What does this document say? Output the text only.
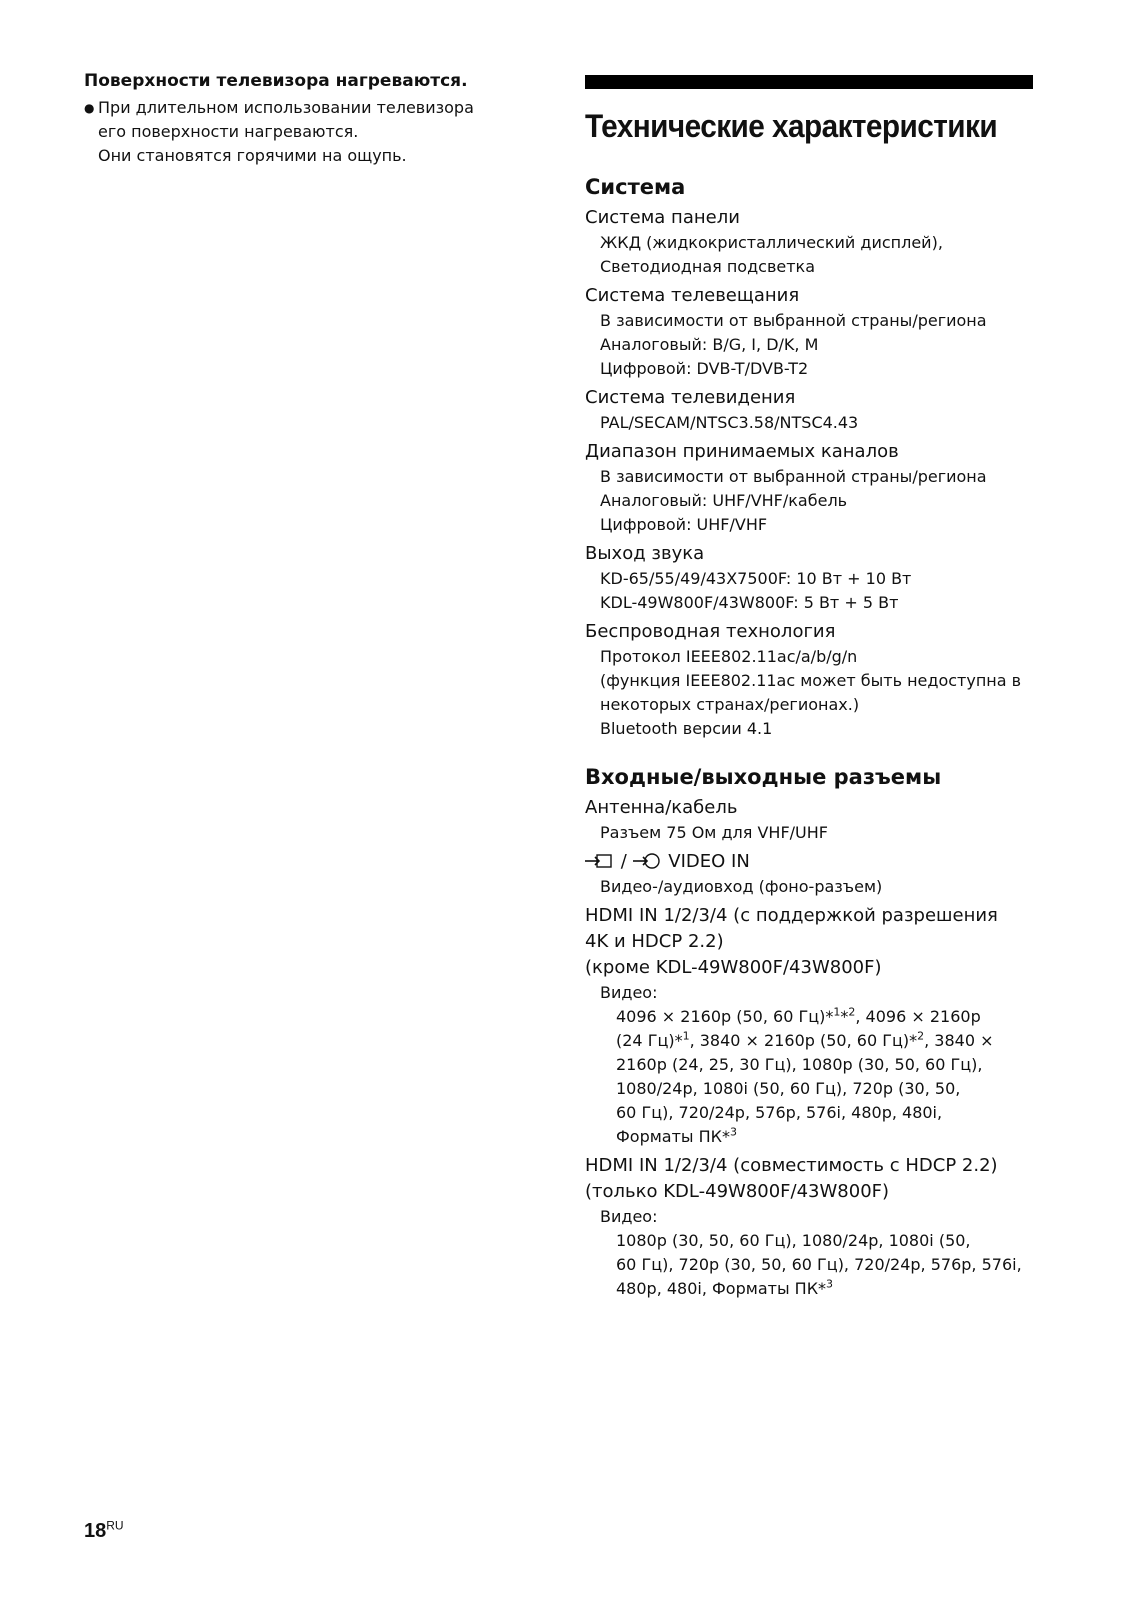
Поверхности телевизора нагреваются.

● При длительном использовании телевизора
его поверхности нагреваются.
Они становятся горячими на ощупь.
Технические характеристики
Система
Система панели
ЖКД (жидкокристаллический дисплей),
Светодиодная подсветка
Система телевещания
В зависимости от выбранной страны/региона
Аналоговый: B/G, I, D/K, M
Цифровой: DVB-T/DVB-T2
Система телевидения
PAL/SECAM/NTSC3.58/NTSC4.43
Диапазон принимаемых каналов
В зависимости от выбранной страны/региона
Аналоговый: UHF/VHF/кабель
Цифровой: UHF/VHF
Выход звука
KD-65/55/49/43X7500F: 10 Вт + 10 Вт
KDL-49W800F/43W800F: 5 Вт + 5 Вт
Беспроводная технология
Протокол IEEE802.11ac/a/b/g/n
(функция IEEE802.11ac может быть недоступна в
некоторых странах/регионах.)
Bluetooth версии 4.1
Входные/выходные разъемы
Антенна/кабель
Разъем 75 Ом для VHF/UHF
/ VIDEO IN
Видео-/аудиовход (фоно-разъем)
HDMI IN 1/2/3/4 (с поддержкой разрешения
4K и HDCP 2.2)
(кроме KDL-49W800F/43W800F)
Видео:
4096 × 2160p (50, 60 Гц)*$^1$*$^2$, 4096 × 2160p
(24 Гц)*$^1$, 3840 × 2160p (50, 60 Гц)*$^2$, 3840 ×
2160p (24, 25, 30 Гц), 1080p (30, 50, 60 Гц),
1080/24p, 1080i (50, 60 Гц), 720p (30, 50,
60 Гц), 720/24p, 576p, 576i, 480p, 480i,
Форматы ПК*$^3$
HDMI IN 1/2/3/4 (совместимость с HDCP 2.2)
(только KDL-49W800F/43W800F)
Видео:
1080p (30, 50, 60 Гц), 1080/24p, 1080i (50,
60 Гц), 720p (30, 50, 60 Гц), 720/24p, 576p, 576i,
480p, 480i, Форматы ПК*$^3$
$18^{RU}$
